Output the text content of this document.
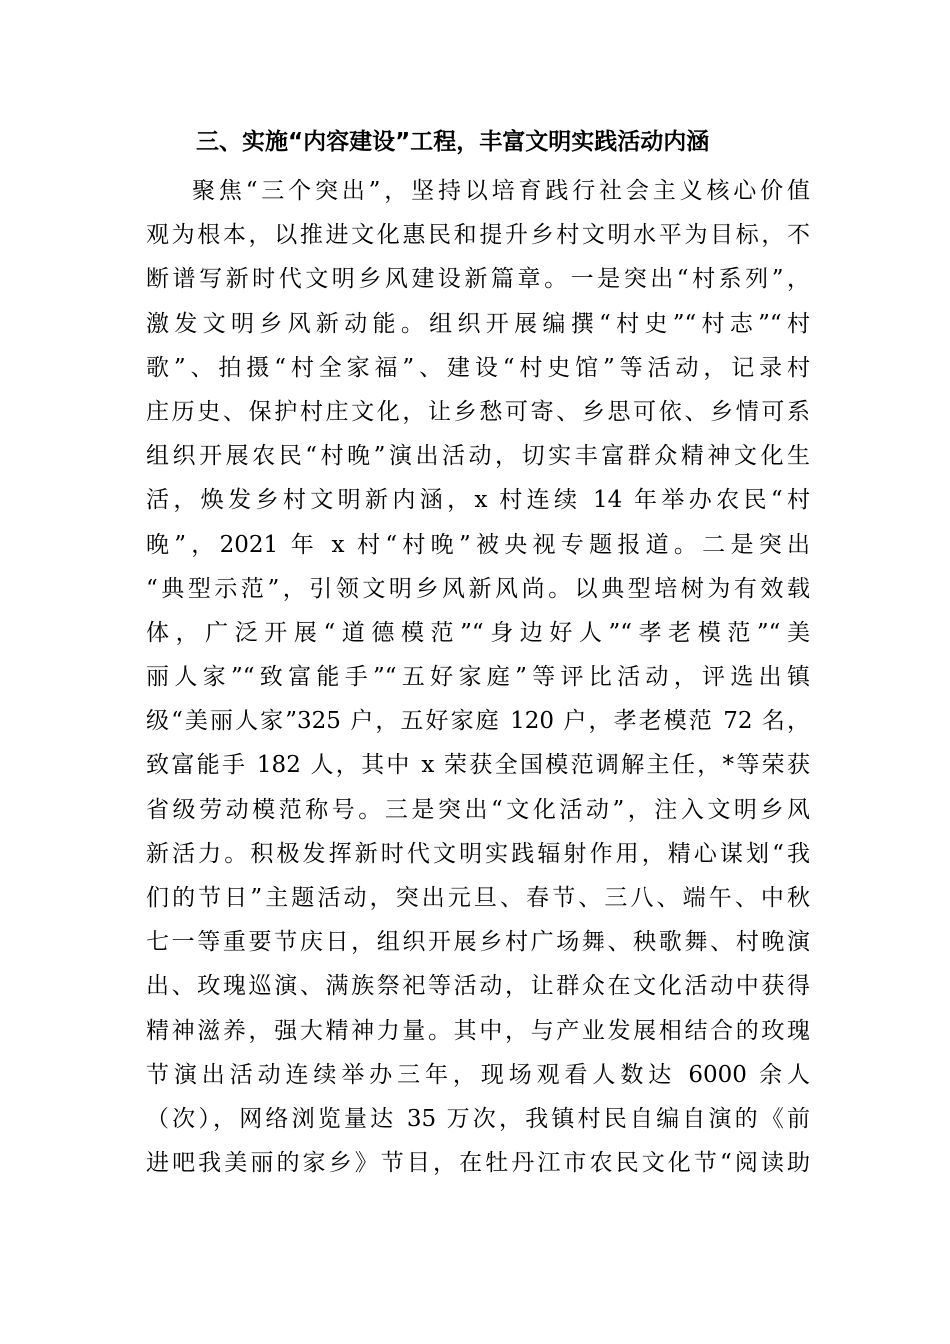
三、实施“内容建设”工程，丰富文明实践活动内涵
聚焦“三个突出”，坚持以培育践行社会主义核心价值
观为根本，以推进文化惠民和提升乡村文明水平为目标，不
断谱写新时代文明乡风建设新篇章。一是突出“村系列”，
激发文明乡风新动能。组织开展编撰“村史”“村志”“村
歌”、拍摄“村全家福”、建设“村史馆”等活动，记录村
庄历史、保护村庄文化，让乡愁可寄、乡思可依、乡情可系
组织开展农民“村晚”演出活动，切实丰富群众精神文化生
活，焕发乡村文明新内涵，x 村连续 14 年举办农民“村
晚”，2021 年 x 村“村晚”被央视专题报道。二是突出
“典型示范”，引领文明乡风新风尚。以典型培树为有效载
体，广泛开展“道德模范”“身边好人”“孝老模范”“美
丽人家”“致富能手”“五好家庭”等评比活动，评选出镇
级“美丽人家”325 户，五好家庭 120 户，孝老模范 72 名，
致富能手 182 人，其中 x 荣获全国模范调解主任，*等荣获
省级劳动模范称号。三是突出“文化活动”，注入文明乡风
新活力。积极发挥新时代文明实践辐射作用，精心谋划“我
们的节日”主题活动，突出元旦、春节、三八、端午、中秋
七一等重要节庆日，组织开展乡村广场舞、秧歌舞、村晚演
出、玫瑰巡演、满族祭祀等活动，让群众在文化活动中获得
精神滋养，强大精神力量。其中，与产业发展相结合的玫瑰
节演出活动连续举办三年，现场观看人数达 6000 余人
（次），网络浏览量达 35 万次，我镇村民自编自演的《前
进吧我美丽的家乡》节目，在牡丹江市农民文化节“阅读助
